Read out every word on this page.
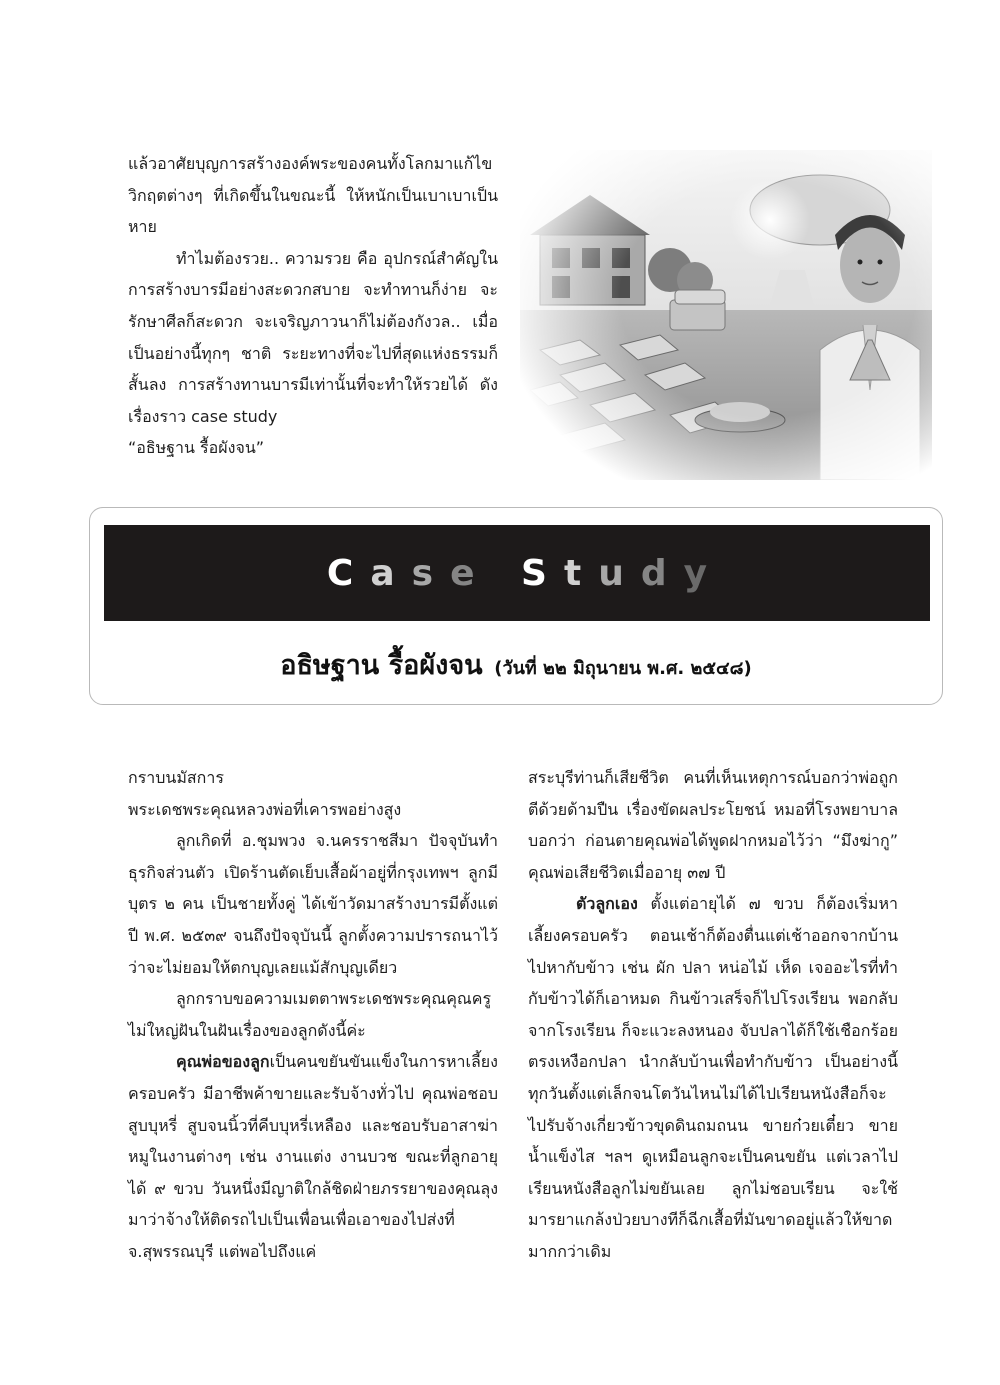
แล้วอาศัยบุญการสร้างองค์พระของคนทั้งโลกมาแก้ไขวิกฤตต่างๆ ที่เกิดขึ้นในขณะนี้ ให้หนักเป็นเบาเบาเป็นหาย

ทำไมต้องรวย.. ความรวย คือ อุปกรณ์สำคัญในการสร้างบารมีอย่างสะดวกสบาย จะทำทานก็ง่าย จะรักษาศีลก็สะดวก จะเจริญภาวนาก็ไม่ต้องกังวล.. เมื่อเป็นอย่างนี้ทุกๆ ชาติ ระยะทางที่จะไปที่สุดแห่งธรรมก็สั้นลง การสร้างทานบารมีเท่านั้นที่จะทำให้รวยได้ ดังเรื่องราว case study

“อธิษฐาน รื้อผังจน”

Case Study
อธิษฐาน รื้อผังจน (วันที่ ๒๒ มิถุนายน พ.ศ. ๒๕๔๘)

กราบนมัสการ

พระเดชพระคุณหลวงพ่อที่เคารพอย่างสูง

ลูกเกิดที่ อ.ชุมพวง จ.นครราชสีมา ปัจจุบันทำธุรกิจส่วนตัว เปิดร้านตัดเย็บเสื้อผ้าอยู่ที่กรุงเทพฯ ลูกมีบุตร ๒ คน เป็นชายทั้งคู่ ได้เข้าวัดมาสร้างบารมีตั้งแต่ปี พ.ศ. ๒๕๓๙ จนถึงปัจจุบันนี้ ลูกตั้งความปรารถนาไว้ว่าจะไม่ยอมให้ตกบุญเลยแม้สักบุญเดียว

ลูกกราบขอความเมตตาพระเดชพระคุณคุณครูไม่ใหญ่ฝันในฝันเรื่องของลูกดังนี้ค่ะ

คุณพ่อของลูกเป็นคนขยันขันแข็งในการหาเลี้ยงครอบครัว มีอาชีพค้าขายและรับจ้างทั่วไป คุณพ่อชอบสูบบุหรี่ สูบจนนิ้วที่คีบบุหรี่เหลือง และชอบรับอาสาฆ่าหมูในงานต่างๆ เช่น งานแต่ง งานบวช ขณะที่ลูกอายุได้ ๙ ขวบ วันหนึ่งมีญาติใกล้ชิดฝ่ายภรรยาของคุณลุงมาว่าจ้างให้ติดรถไปเป็นเพื่อนเพื่อเอาของไปส่งที่ จ.สุพรรณบุรี แต่พอไปถึงแค่

สระบุรีท่านก็เสียชีวิต คนที่เห็นเหตุการณ์บอกว่าพ่อถูกตีด้วยด้ามปืน เรื่องขัดผลประโยชน์ หมอที่โรงพยาบาลบอกว่า ก่อนตายคุณพ่อได้พูดฝากหมอไว้ว่า “มึงฆ่ากู” คุณพ่อเสียชีวิตเมื่ออายุ ๓๗ ปี

ตัวลูกเอง ตั้งแต่อายุได้ ๗ ขวบ ก็ต้องเริ่มหาเลี้ยงครอบครัว ตอนเช้าก็ต้องตื่นแต่เช้าออกจากบ้านไปหากับข้าว เช่น ผัก ปลา หน่อไม้ เห็ด เจออะไรที่ทำกับข้าวได้ก็เอาหมด กินข้าวเสร็จก็ไปโรงเรียน พอกลับจากโรงเรียน ก็จะแวะลงหนอง จับปลาได้ก็ใช้เชือกร้อยตรงเหงือกปลา นำกลับบ้านเพื่อทำกับข้าว เป็นอย่างนี้ทุกวันตั้งแต่เล็กจนโตวันไหนไม่ได้ไปเรียนหนังสือก็จะไปรับจ้างเกี่ยวข้าวขุดดินถมถนน ขายก๋วยเตี๋ยว ขายน้ำแข็งไส ฯลฯ ดูเหมือนลูกจะเป็นคนขยัน แต่เวลาไปเรียนหนังสือลูกไม่ขยันเลย ลูกไม่ชอบเรียน จะใช้มารยาแกล้งป่วยบางทีก็ฉีกเสื้อที่มันขาดอยู่แล้วให้ขาดมากกว่าเดิม
